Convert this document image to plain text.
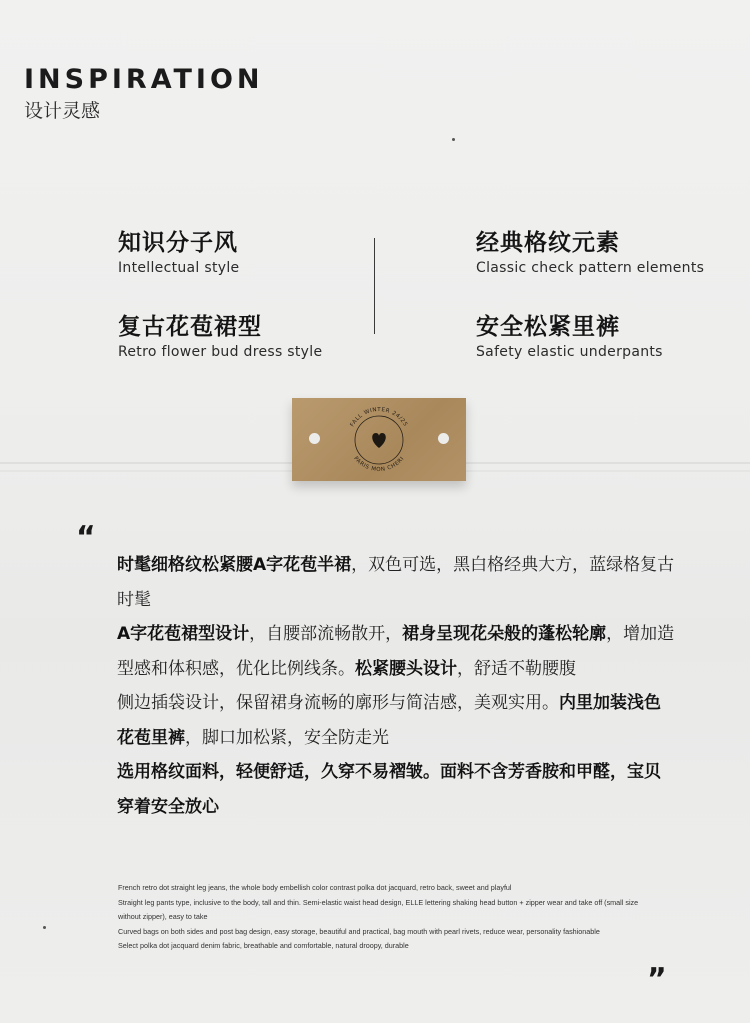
INSPIRATION
设计灵感
知识分子风
Intellectual style
经典格纹元素
Classic check pattern elements
复古花苞裙型
Retro flower bud dress style
安全松紧里裤
Safety elastic underpants
FALL WINTER 24/25
PARIS MON CHERI
“

时髦细格纹松紧腰A字花苞半裙，双色可选，黑白格经典大方，蓝绿格复古时髦

A字花苞裙型设计，自腰部流畅散开，裙身呈现花朵般的蓬松轮廓，增加造型感和体积感，优化比例线条。松紧腰头设计，舒适不勒腰腹

侧边插袋设计，保留裙身流畅的廓形与简洁感，美观实用。内里加装浅色花苞里裤，脚口加松紧，安全防走光

选用格纹面料，轻便舒适，久穿不易褶皱。面料不含芳香胺和甲醛，宝贝穿着安全放心

French retro dot straight leg jeans, the whole body embellish color contrast polka dot jacquard, retro back, sweet and playful

Straight leg pants type, inclusive to the body, tall and thin. Semi-elastic waist head design, ELLE lettering shaking head button + zipper wear and take off (small size without zipper), easy to take

Curved bags on both sides and post bag design, easy storage, beautiful and practical, bag mouth with pearl rivets, reduce wear, personality fashionable

Select polka dot jacquard denim fabric, breathable and comfortable, natural droopy, durable

”
